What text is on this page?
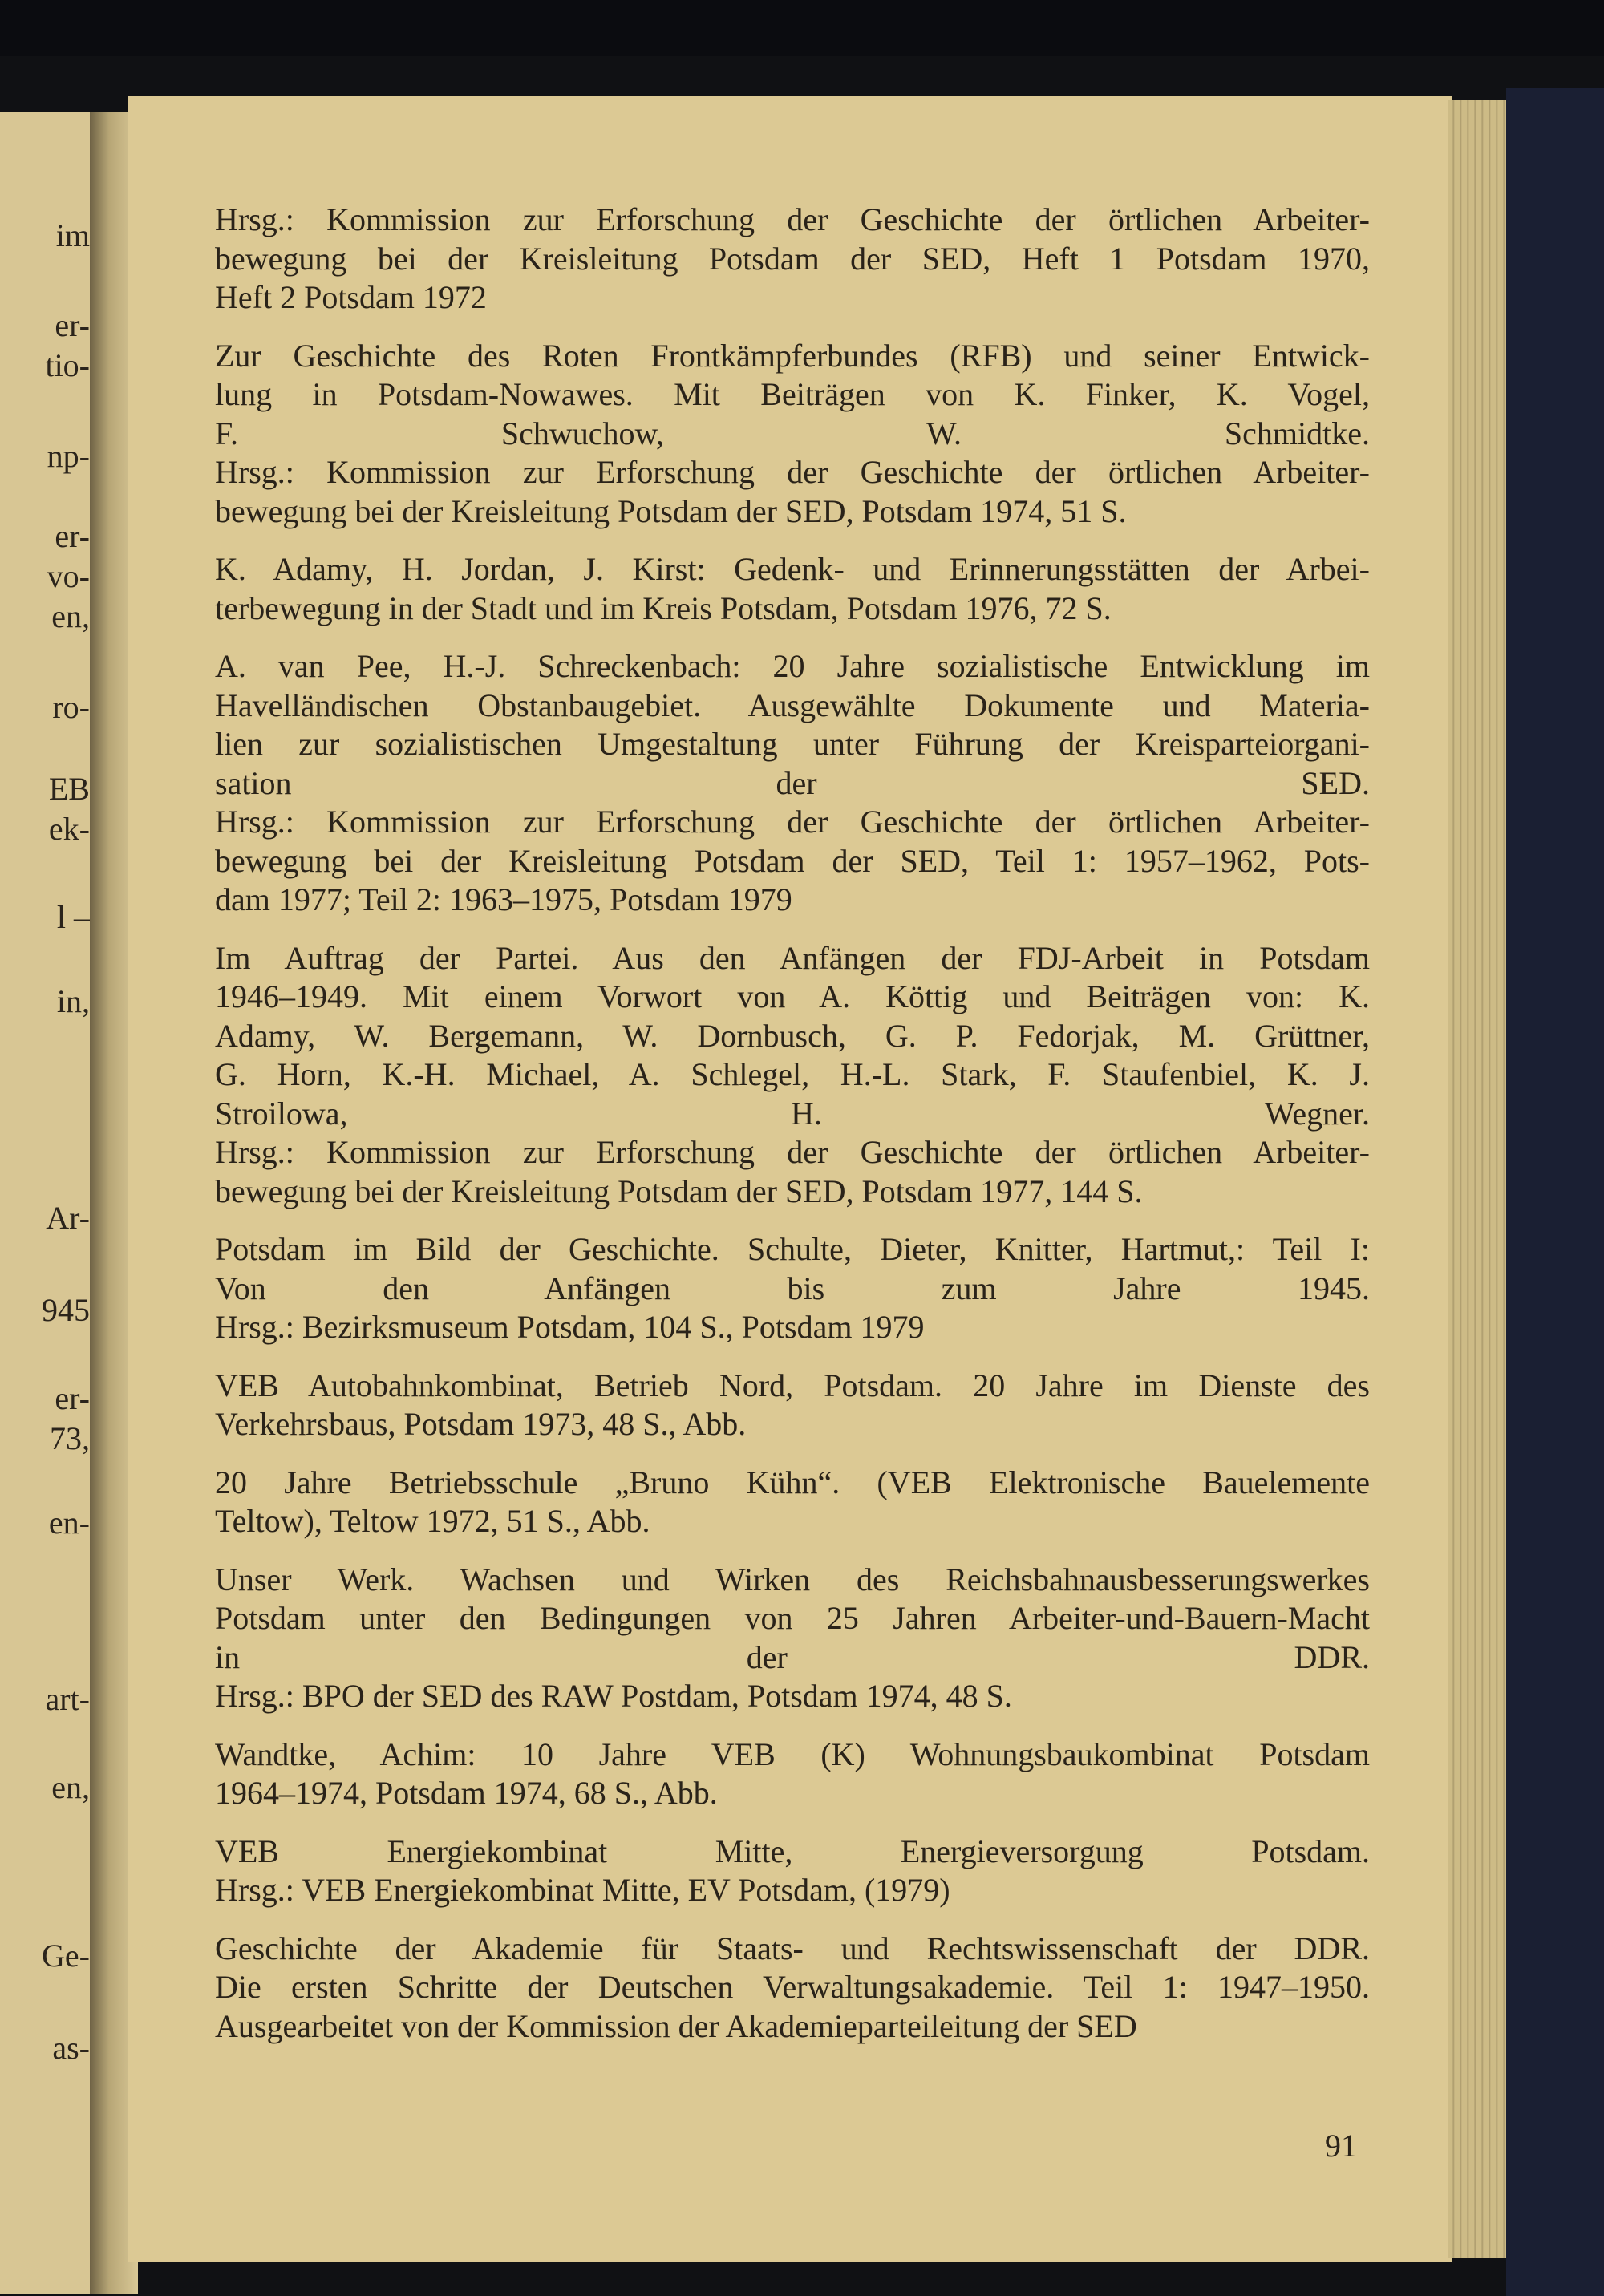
im
er-
tio-
np-
er-
vo-
en,
ro-
EB
ek-
l –
in,
Ar-
945
er-
73,
en-
art-
en,
Ge-
as-
Hrsg.: Kommission zur Erforschung der Geschichte der örtlichen Arbeiter-
bewegung bei der Kreisleitung Potsdam der SED, Heft 1 Potsdam 1970,
Heft 2 Potsdam 1972
Zur Geschichte des Roten Frontkämpferbundes (RFB) und seiner Entwick-
lung in Potsdam-Nowawes. Mit Beiträgen von K. Finker, K. Vogel,
F. Schwuchow, W. Schmidtke.
Hrsg.: Kommission zur Erforschung der Geschichte der örtlichen Arbeiter-
bewegung bei der Kreisleitung Potsdam der SED, Potsdam 1974, 51 S.
K. Adamy, H. Jordan, J. Kirst: Gedenk- und Erinnerungsstätten der Arbei-
terbewegung in der Stadt und im Kreis Potsdam, Potsdam 1976, 72 S.
A. van Pee, H.-J. Schreckenbach: 20 Jahre sozialistische Entwicklung im
Havelländischen Obstanbaugebiet. Ausgewählte Dokumente und Materia-
lien zur sozialistischen Umgestaltung unter Führung der Kreisparteiorgani-
sation der SED.
Hrsg.: Kommission zur Erforschung der Geschichte der örtlichen Arbeiter-
bewegung bei der Kreisleitung Potsdam der SED, Teil 1: 1957–1962, Pots-
dam 1977; Teil 2: 1963–1975, Potsdam 1979
Im Auftrag der Partei. Aus den Anfängen der FDJ-Arbeit in Potsdam
1946–1949. Mit einem Vorwort von A. Köttig und Beiträgen von: K.
Adamy, W. Bergemann, W. Dornbusch, G. P. Fedorjak, M. Grüttner,
G. Horn, K.-H. Michael, A. Schlegel, H.-L. Stark, F. Staufenbiel, K. J.
Stroilowa, H. Wegner.
Hrsg.: Kommission zur Erforschung der Geschichte der örtlichen Arbeiter-
bewegung bei der Kreisleitung Potsdam der SED, Potsdam 1977, 144 S.
Potsdam im Bild der Geschichte. Schulte, Dieter, Knitter, Hartmut,: Teil I:
Von den Anfängen bis zum Jahre 1945.
Hrsg.: Bezirksmuseum Potsdam, 104 S., Potsdam 1979
VEB Autobahnkombinat, Betrieb Nord, Potsdam. 20 Jahre im Dienste des
Verkehrsbaus, Potsdam 1973, 48 S., Abb.
20 Jahre Betriebsschule „Bruno Kühn“. (VEB Elektronische Bauelemente
Teltow), Teltow 1972, 51 S., Abb.
Unser Werk. Wachsen und Wirken des Reichsbahnausbesserungswerkes
Potsdam unter den Bedingungen von 25 Jahren Arbeiter-und-Bauern-Macht
in der DDR.
Hrsg.: BPO der SED des RAW Postdam, Potsdam 1974, 48 S.
Wandtke, Achim: 10 Jahre VEB (K) Wohnungsbaukombinat Potsdam
1964–1974, Potsdam 1974, 68 S., Abb.
VEB Energiekombinat Mitte, Energieversorgung Potsdam.
Hrsg.: VEB Energiekombinat Mitte, EV Potsdam, (1979)
Geschichte der Akademie für Staats- und Rechtswissenschaft der DDR.
Die ersten Schritte der Deutschen Verwaltungsakademie. Teil 1: 1947–1950.
Ausgearbeitet von der Kommission der Akademieparteileitung der SED
91
